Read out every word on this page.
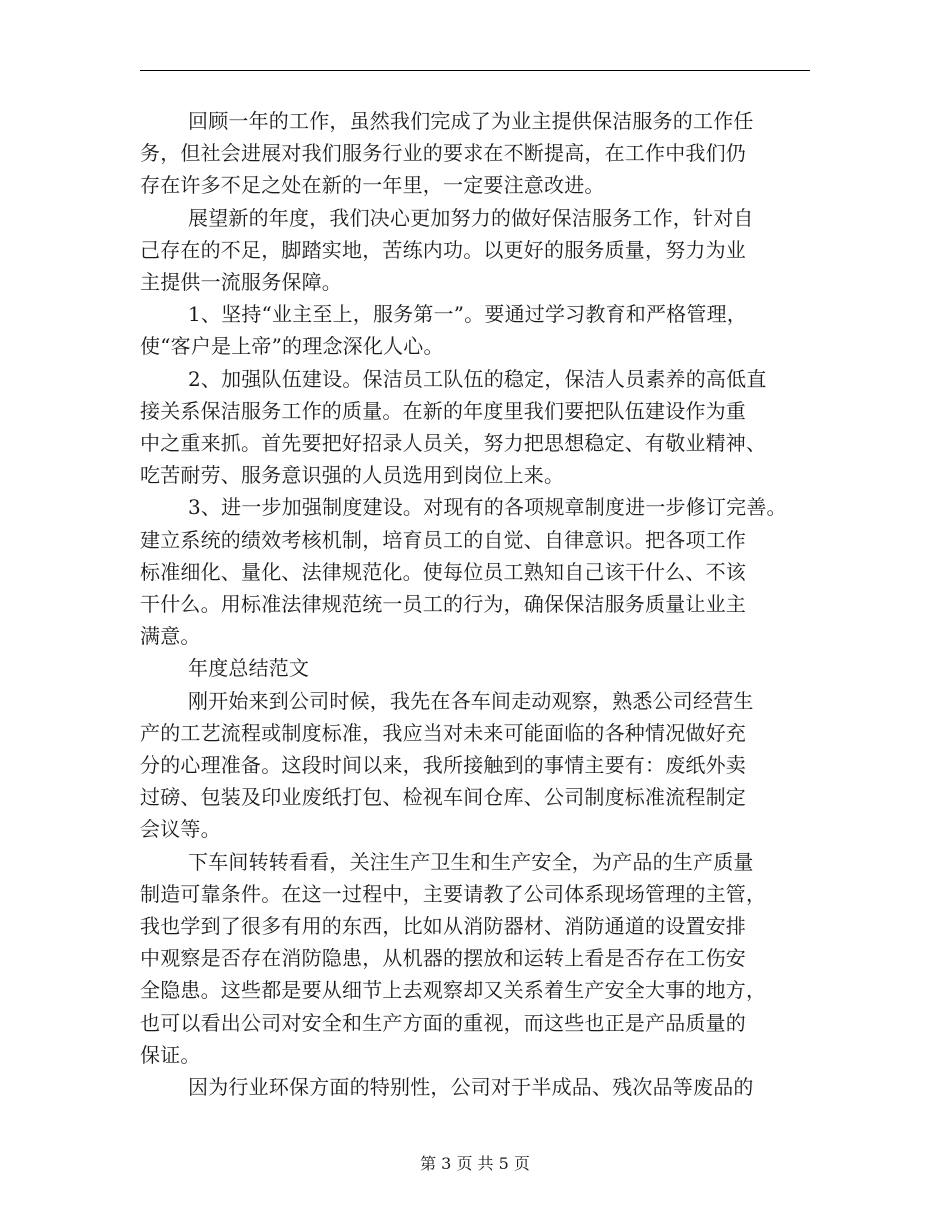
回顾一年的工作，虽然我们完成了为业主提供保洁服务的工作任
务，但社会进展对我们服务行业的要求在不断提高，在工作中我们仍
存在许多不足之处在新的一年里，一定要注意改进。
展望新的年度，我们决心更加努力的做好保洁服务工作，针对自
己存在的不足，脚踏实地，苦练内功。以更好的服务质量，努力为业
主提供一流服务保障。
1、坚持“业主至上，服务第一”。要通过学习教育和严格管理，
使“客户是上帝”的理念深化人心。
2、加强队伍建设。保洁员工队伍的稳定，保洁人员素养的高低直
接关系保洁服务工作的质量。在新的年度里我们要把队伍建设作为重
中之重来抓。首先要把好招录人员关，努力把思想稳定、有敬业精神、
吃苦耐劳、服务意识强的人员选用到岗位上来。
3、进一步加强制度建设。对现有的各项规章制度进一步修订完善。
建立系统的绩效考核机制，培育员工的自觉、自律意识。把各项工作
标准细化、量化、法律规范化。使每位员工熟知自己该干什么、不该
干什么。用标准法律规范统一员工的行为，确保保洁服务质量让业主
满意。
年度总结范文
刚开始来到公司时候，我先在各车间走动观察，熟悉公司经营生
产的工艺流程或制度标准，我应当对未来可能面临的各种情况做好充
分的心理准备。这段时间以来，我所接触到的事情主要有：废纸外卖
过磅、包装及印业废纸打包、检视车间仓库、公司制度标准流程制定
会议等。
下车间转转看看，关注生产卫生和生产安全，为产品的生产质量
制造可靠条件。在这一过程中，主要请教了公司体系现场管理的主管，
我也学到了很多有用的东西，比如从消防器材、消防通道的设置安排
中观察是否存在消防隐患，从机器的摆放和运转上看是否存在工伤安
全隐患。这些都是要从细节上去观察却又关系着生产安全大事的地方，
也可以看出公司对安全和生产方面的重视，而这些也正是产品质量的
保证。
因为行业环保方面的特别性，公司对于半成品、残次品等废品的
第 3 页 共 5 页
